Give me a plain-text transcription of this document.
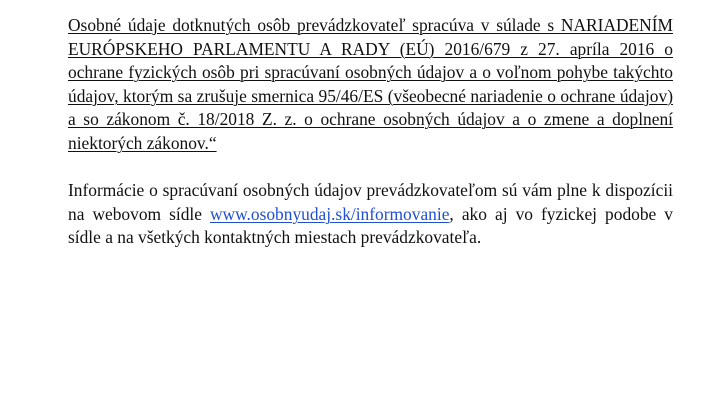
Osobné údaje dotknutých osôb prevádzkovateľ spracúva v súlade s NARIADENÍM EURÓPSKEHO PARLAMENTU A RADY (EÚ) 2016/679 z 27. apríla 2016 o ochrane fyzických osôb pri spracúvaní osobných údajov a o voľnom pohybe takýchto údajov, ktorým sa zrušuje smernica 95/46/ES (všeobecné nariadenie o ochrane údajov) a so zákonom č. 18/2018 Z. z. o ochrane osobných údajov a o zmene a doplnení niektorých zákonov.“

Informácie o spracúvaní osobných údajov prevádzkovateľom sú vám plne k dispozícii na webovom sídle www.osobnyudaj.sk/informovanie, ako aj vo fyzickej podobe v sídle a na všetkých kontaktných miestach prevádzkovateľa.
